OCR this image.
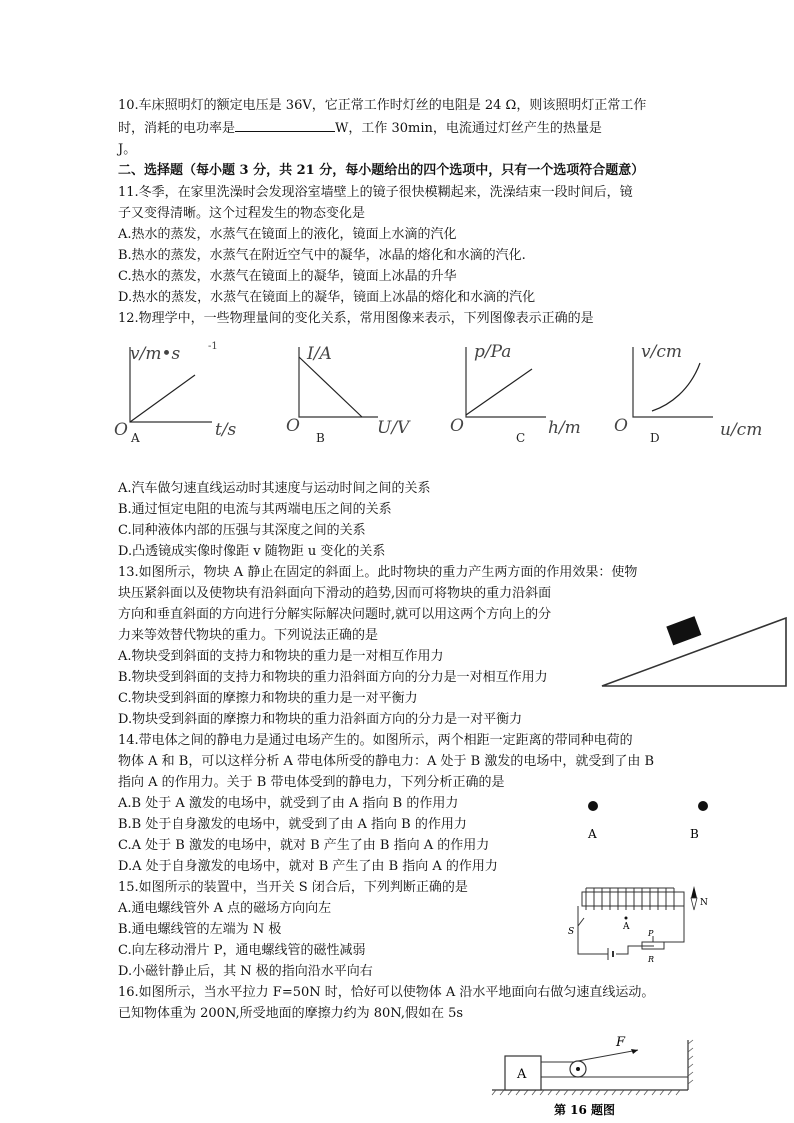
10.车床照明灯的额定电压是 36V，它正常工作时灯丝的电阻是 24 Ω，则该照明灯正常工作
时，消耗的电功率是	W，工作 30min，电流通过灯丝产生的热量是
J。
二、选择题（每小题 3 分，共 21 分，每小题给出的四个选项中，只有一个选项符合题意）
11.冬季，在家里洗澡时会发现浴室墙壁上的镜子很快模糊起来，洗澡结束一段时间后，镜
子又变得清晰。这个过程发生的物态变化是
A.热水的蒸发，水蒸气在镜面上的液化，镜面上水滴的汽化
B.热水的蒸发，水蒸气在附近空气中的凝华，冰晶的熔化和水滴的汽化.
C.热水的蒸发，水蒸气在镜面上的凝华，镜面上冰晶的升华
D.热水的蒸发，水蒸气在镜面上的凝华，镜面上冰晶的熔化和水滴的汽化
12.物理学中，一些物理量间的变化关系，常用图像来表示，下列图像表示正确的是
v/m•s	-1
t/s
O A
I/A
U/V
O
B
p/Pa
h/m
O
C
v/cm
u/cm
O
D
A.汽车做匀速直线运动时其速度与运动时间之间的关系
B.通过恒定电阻的电流与其两端电压之间的关系
C.同种液体内部的压强与其深度之间的关系
D.凸透镜成实像时像距 v 随物距 u 变化的关系
13.如图所示，物块 A 静止在固定的斜面上。此时物块的重力产生两方面的作用效果：使物
块压紧斜面以及使物块有沿斜面向下滑动的趋势,因而可将物块的重力沿斜面
方向和垂直斜面的方向进行分解实际解决问题时,就可以用这两个方向上的分
力来等效替代物块的重力。下列说法正确的是
A.物块受到斜面的支持力和物块的重力是一对相互作用力
B.物块受到斜面的支持力和物块的重力沿斜面方向的分力是一对相互作用力
C.物块受到斜面的摩擦力和物块的重力是一对平衡力
D.物块受到斜面的摩擦力和物块的重力沿斜面方向的分力是一对平衡力
14.带电体之间的静电力是通过电场产生的。如图所示，两个相距一定距离的带同种电荷的
物体 A 和 B，可以这样分析 A 带电体所受的静电力：A 处于 B 激发的电场中，就受到了由 B
指向 A 的作用力。关于 B 带电体受到的静电力，下列分析正确的是
A.B 处于 A 激发的电场中，就受到了由 A 指向 B 的作用力
B.B 处于自身激发的电场中，就受到了由 A 指向 B 的作用力
C.A 处于 B 激发的电场中，就对 B 产生了由 B 指向 A 的作用力
D.A 处于自身激发的电场中，就对 B 产生了由 B 指向 A 的作用力
A	B
15.如图所示的装置中，当开关 S 闭合后，下列判断正确的是
A.通电螺线管外 A 点的磁场方向向左
B.通电螺线管的左端为 N 极
C.向左移动滑片 P，通电螺线管的磁性减弱
D.小磁针静止后，其 N 极的指向沿水平向右
N
S	P
R
A
16.如图所示，当水平拉力 F=50N 时，恰好可以使物体 A 沿水平地面向右做匀速直线运动。
已知物体重为 200N,所受地面的摩擦力约为 80N,假如在 5s
A
F
第 16 题图
